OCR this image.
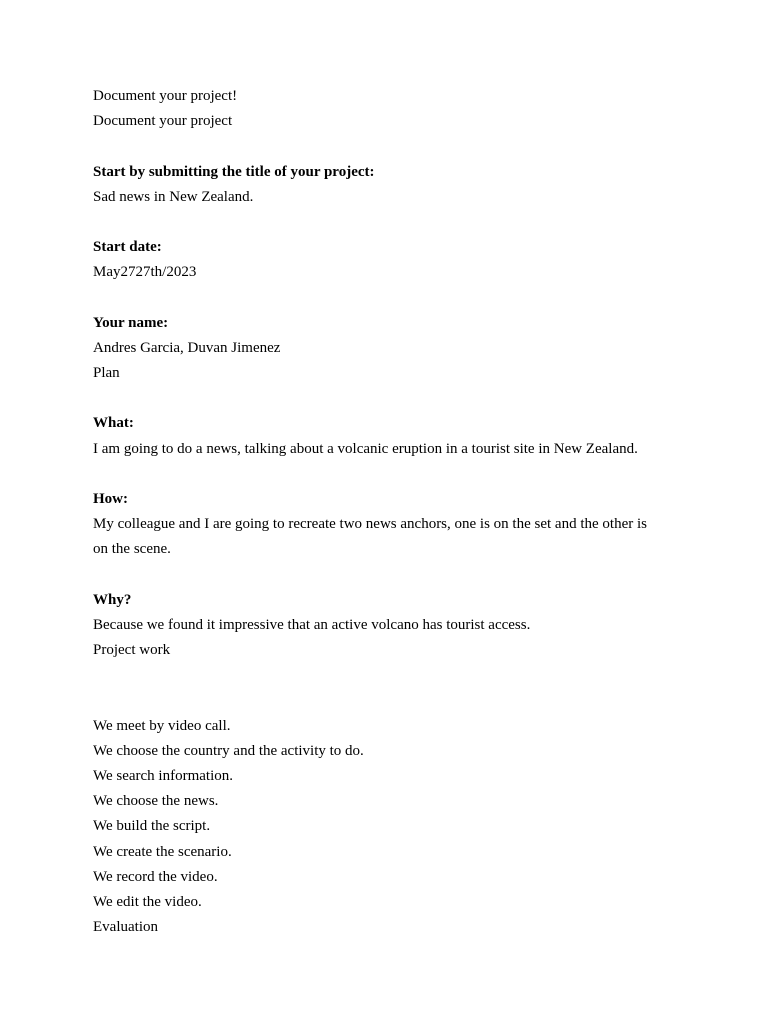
Document your project!
Document your project
Start by submitting the title of your project:
Sad news in New Zealand.
Start date:
May2727th/2023
Your name:
Andres Garcia, Duvan Jimenez
Plan
What:
I am going to do a news, talking about a volcanic eruption in a tourist site in New Zealand.
How:
My colleague and I are going to recreate two news anchors, one is on the set and the other is
on the scene.
Why?
Because we found it impressive that an active volcano has tourist access.
Project work
We meet by video call.
We choose the country and the activity to do.
We search information.
We choose the news.
We build the script.
We create the scenario.
We record the video.
We edit the video.
Evaluation
